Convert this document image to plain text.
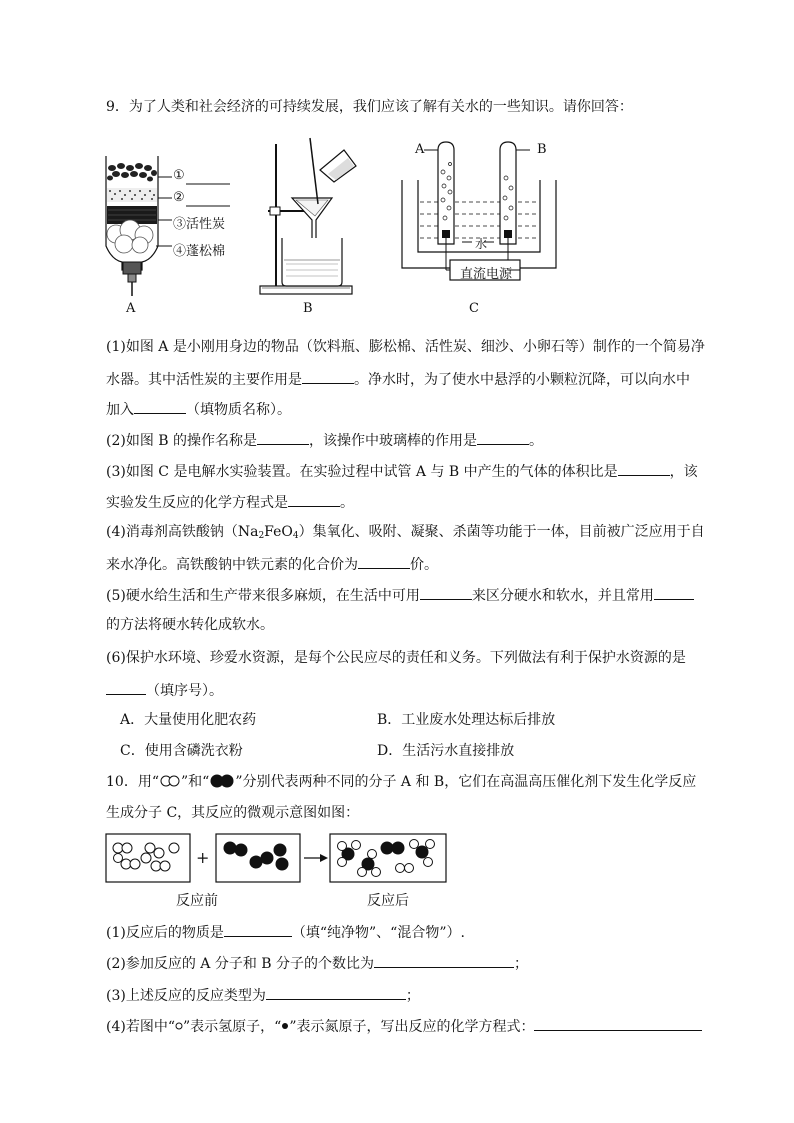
9．为了人类和社会经济的可持续发展，我们应该了解有关水的一些知识。请你回答：
①
②
③活性炭
④蓬松棉
A	B
A	B
水
直流电源
C
(1)如图 A 是小刚用身边的物品（饮料瓶、膨松棉、活性炭、细沙、小卵石等）制作的一个简易净
水器。其中活性炭的主要作用是	。净水时，为了使水中悬浮的小颗粒沉降，可以向水中
加入	（填物质名称）。
(2)如图 B 的操作名称是	，该操作中玻璃棒的作用是	。
(3)如图 C 是电解水实验装置。在实验过程中试管 A 与 B 中产生的气体的体积比是	，该
实验发生反应的化学方程式是	。
(4)消毒剂高铁酸钠$(Na_2FeO_4)$集氧化、吸附、凝聚、杀菌等功能于一体，目前被广泛应用于自
来水净化。高铁酸钠中铁元素的化合价为	价。
(5)硬水给生活和生产带来很多麻烦，在生活中可用	来区分硬水和软水，并且常用
的方法将硬水转化成软水。
(6)保护水环境、珍爱水资源，是每个公民应尽的责任和义务。下列做法有利于保护水资源的是
（填序号）。
A．大量使用化肥农药	B．工业废水处理达标后排放
C．使用含磷洗衣粉	D．生活污水直接排放
10．用“ ”和“ ”分别代表两种不同的分子 A 和 B，它们在高温高压催化剂下发生化学反应
生成分子 C，其反应的微观示意图如图：
+
反应前	反应后
(1)反应后的物质是	（填“纯净物”、“混合物”）.
(2)参加反应的 A 分子和 B 分子的个数比为	；
(3)上述反应的反应类型为	；
(4)若图中“ ”表示氢原子，“ ”表示氮原子，写出反应的化学方程式：
